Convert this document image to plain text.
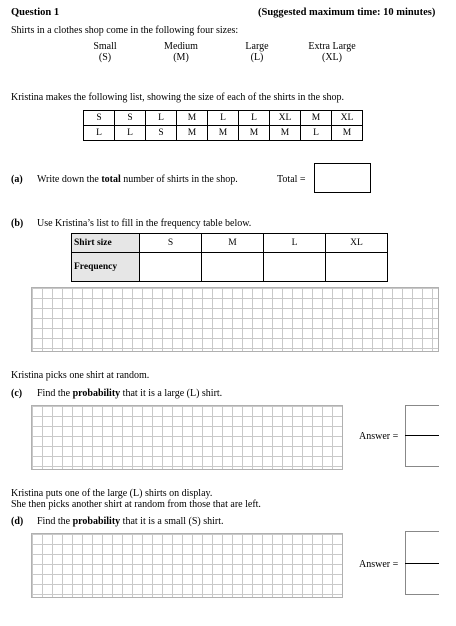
Question 1	(Suggested maximum time: 10 minutes)
Shirts in a clothes shop come in the following four sizes:
Small
(S)
Medium
(M)
Large
(L)
Extra Large
(XL)
Kristina makes the following list, showing the size of each of the shirts in the shop.
S	S	L	M	L	L	XL	M	XL
L	L	S	M	M	M	M	L	M
(a) Write down the total number of shirts in the shop.	Total =
(b) Use Kristina’s list to fill in the frequency table below.
Shirt size	S	M	L	XL
Frequency				
Kristina picks one shirt at random.
(c) Find the probability that it is a large (L) shirt.
Answer =
Kristina puts one of the large (L) shirts on display.
She then picks another shirt at random from those that are left.
(d) Find the probability that it is a small (S) shirt.
Answer =
